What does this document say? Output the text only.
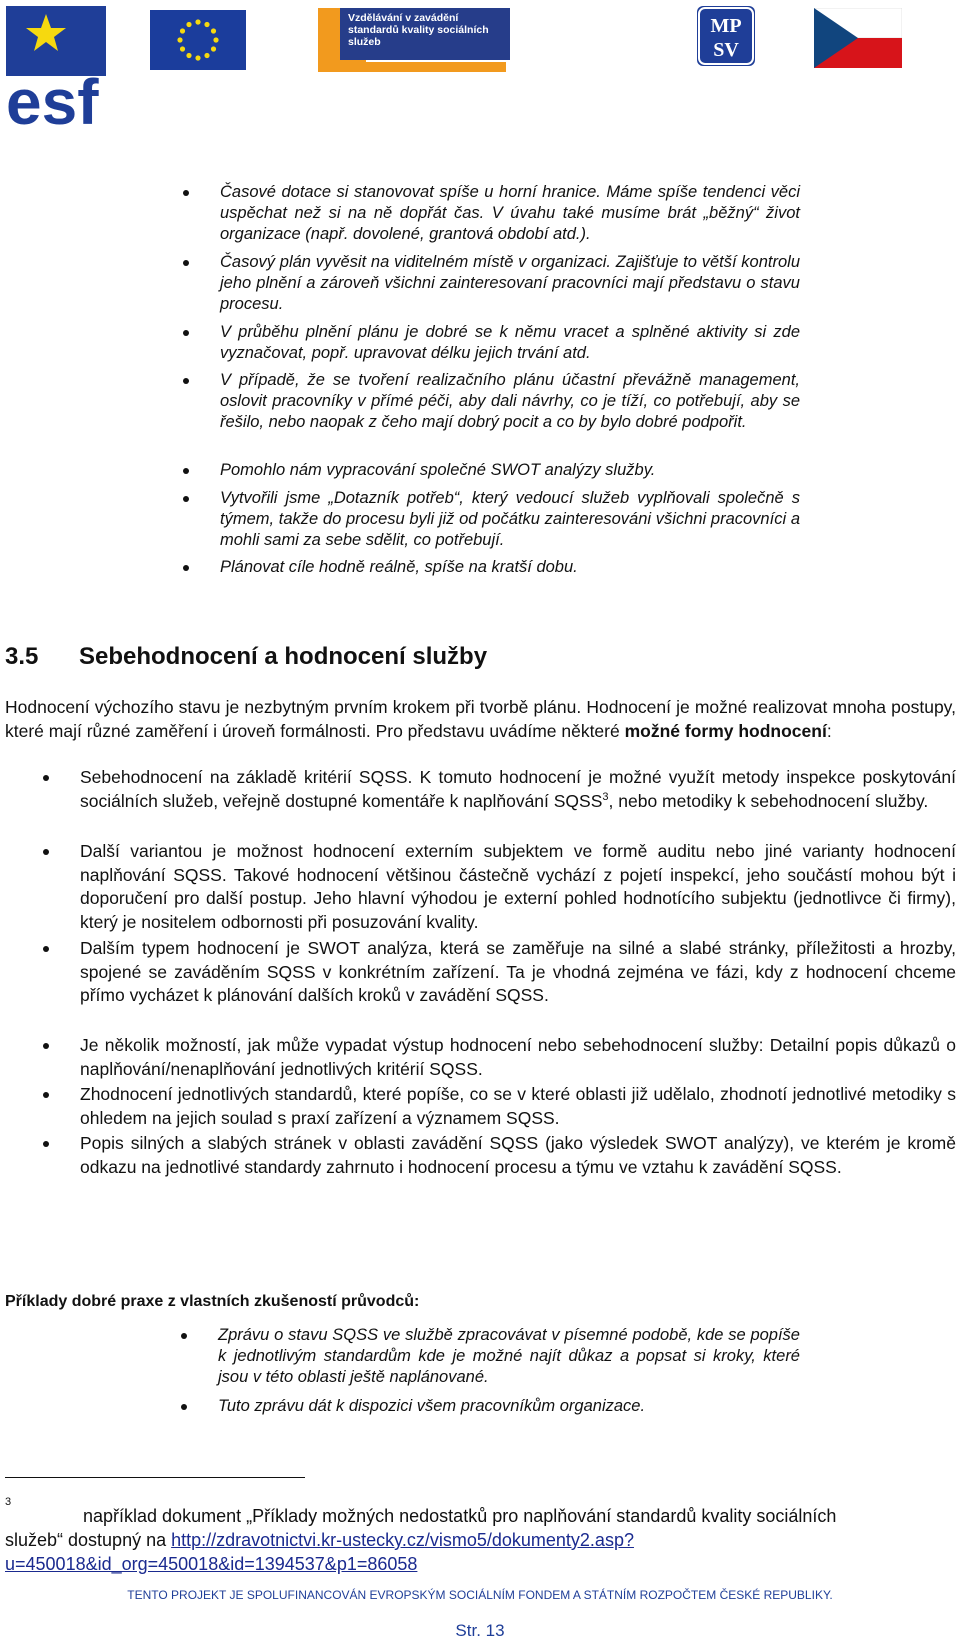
esf
Vzdělávání v zavádění standardů kvality sociálních služeb
MP
SV
Časové dotace si stanovovat spíše u horní hranice. Máme spíše tendenci věci uspěchat než si na ně dopřát čas. V úvahu také musíme brát „běžný“ život organizace (např. dovolené, grantová období atd.).
Časový plán vyvěsit na viditelném místě v organizaci. Zajišťuje to větší kontrolu jeho plnění a zároveň všichni zainteresovaní pracovníci mají představu o stavu procesu.
V průběhu plnění plánu je dobré se k němu vracet a splněné aktivity si zde vyznačovat, popř. upravovat délku jejich trvání atd.
V případě, že se tvoření realizačního plánu účastní převážně management, oslovit pracovníky v přímé péči, aby dali návrhy, co je tíží, co potřebují, aby se řešilo, nebo naopak z čeho mají dobrý pocit a co by bylo dobré podpořit.
Pomohlo nám vypracování společné SWOT analýzy služby.
Vytvořili jsme „Dotazník potřeb“, který vedoucí služeb vyplňovali společně s týmem, takže do procesu byli již od počátku zainteresováni všichni pracovníci a mohli sami za sebe sdělit, co potřebují.
Plánovat cíle hodně reálně, spíše na kratší dobu.
3.5 Sebehodnocení a hodnocení služby
Hodnocení výchozího stavu je nezbytným prvním krokem při tvorbě plánu. Hodnocení je možné realizovat mnoha postupy, které mají různé zaměření i úroveň formálnosti. Pro představu uvádíme některé možné formy hodnocení:
Sebehodnocení na základě kritérií SQSS. K tomuto hodnocení je možné využít metody inspekce poskytování sociálních služeb, veřejně dostupné komentáře k naplňování SQSS$^3$, nebo metodiky k sebehodnocení služby.
Další variantou je možnost hodnocení externím subjektem ve formě auditu nebo jiné varianty hodnocení naplňování SQSS. Takové hodnocení většinou částečně vychází z pojetí inspekcí, jeho součástí mohou být i doporučení pro další postup. Jeho hlavní výhodou je externí pohled hodnotícího subjektu (jednotlivce či firmy), který je nositelem odbornosti při posuzování kvality.
Dalším typem hodnocení je SWOT analýza, která se zaměřuje na silné a slabé stránky, příležitosti a hrozby, spojené se zaváděním SQSS v konkrétním zařízení. Ta je vhodná zejména ve fázi, kdy z hodnocení chceme přímo vycházet k plánování dalších kroků v zavádění SQSS.
Je několik možností, jak může vypadat výstup hodnocení nebo sebehodnocení služby: Detailní popis důkazů o naplňování/nenaplňování jednotlivých kritérií SQSS.
Zhodnocení jednotlivých standardů, které popíše, co se v které oblasti již udělalo, zhodnotí jednotlivé metodiky s ohledem na jejich soulad s praxí zařízení a významem SQSS.
Popis silných a slabých stránek v oblasti zavádění SQSS (jako výsledek SWOT analýzy), ve kterém je kromě odkazu na jednotlivé standardy zahrnuto i hodnocení procesu a týmu ve vztahu k zavádění SQSS.
Příklady dobré praxe z vlastních zkušeností průvodců:
Zprávu o stavu SQSS ve službě zpracovávat v písemné podobě, kde se popíše k jednotlivým standardům kde je možné najít důkaz a popsat si kroky, které jsou v této oblasti ještě naplánované.
Tuto zprávu dát k dispozici všem pracovníkům organizace.
3
například dokument „Příklady možných nedostatků pro naplňování standardů kvality sociálních služeb“ dostupný na http://zdravotnictvi.kr-ustecky.cz/vismo5/dokumenty2.asp?u=450018&id_org=450018&id=1394537&p1=86058
TENTO PROJEKT JE SPOLUFINANCOVÁN EVROPSKÝM SOCIÁLNÍM FONDEM A STÁTNÍM ROZPOČTEM ČESKÉ REPUBLIKY.
Str. 13
